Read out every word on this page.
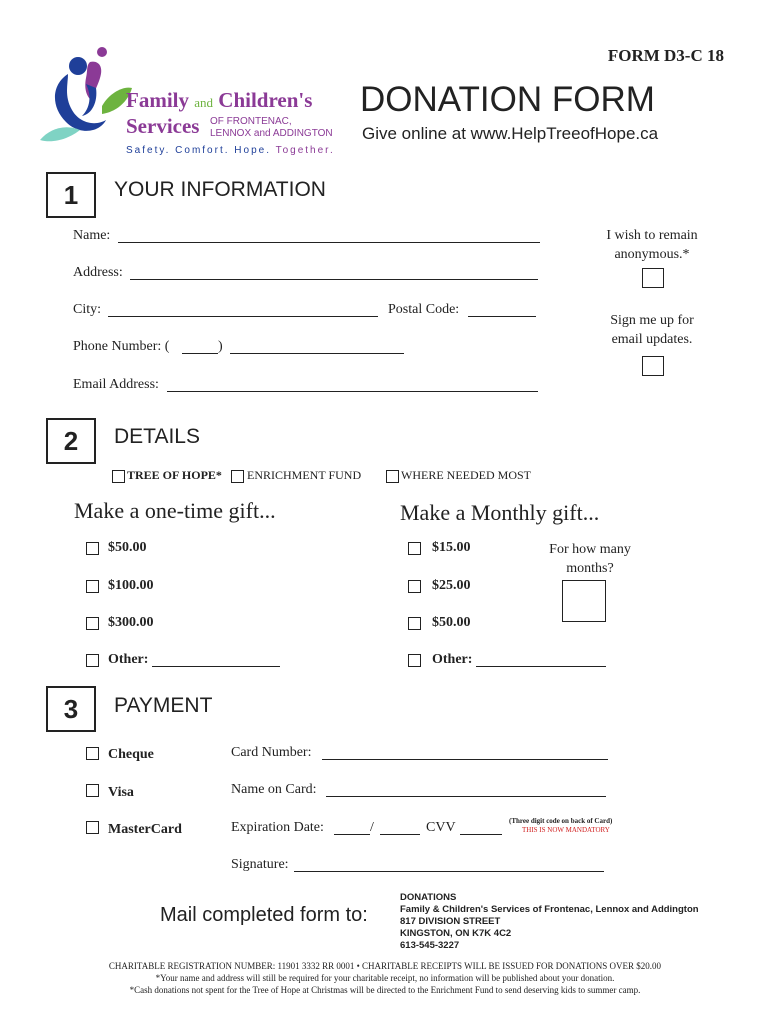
Family and Children's
Services OF FRONTENAC,
LENNOX and ADDINGTON
Safety. Comfort. Hope. Together.
FORM D3-C 18
DONATION FORM
Give online at www.HelpTreeofHope.ca
1	YOUR INFORMATION
Name:
Address:
City:	Postal Code:
Phone Number: (	)
Email Address:
I wish to remain
anonymous.*
Sign me up for
email updates.
2	DETAILS
TREE OF HOPE* ENRICHMENT FUND	WHERE NEEDED MOST
Make a one-time gift...	Make a Monthly gift...
$50.00
$100.00
$300.00
Other:
$15.00
$25.00
$50.00
Other:
For how many
months?
3	PAYMENT
Cheque
Visa
MasterCard
Card Number:
Name on Card:
Expiration Date:	/	CVV	(Three digit code on back of Card)
THIS IS NOW MANDATORY
Signature:
Mail completed form to:
DONATIONS
Family & Children's Services of Frontenac, Lennox and Addington
817 DIVISION STREET
KINGSTON, ON K7K 4C2
613-545-3227
CHARITABLE REGISTRATION NUMBER: 11901 3332 RR 0001 • CHARITABLE RECEIPTS WILL BE ISSUED FOR DONATIONS OVER $20.00
*Your name and address will still be required for your charitable receipt, no information will be published about your donation.
*Cash donations not spent for the Tree of Hope at Christmas will be directed to the Enrichment Fund to send deserving kids to summer camp.
